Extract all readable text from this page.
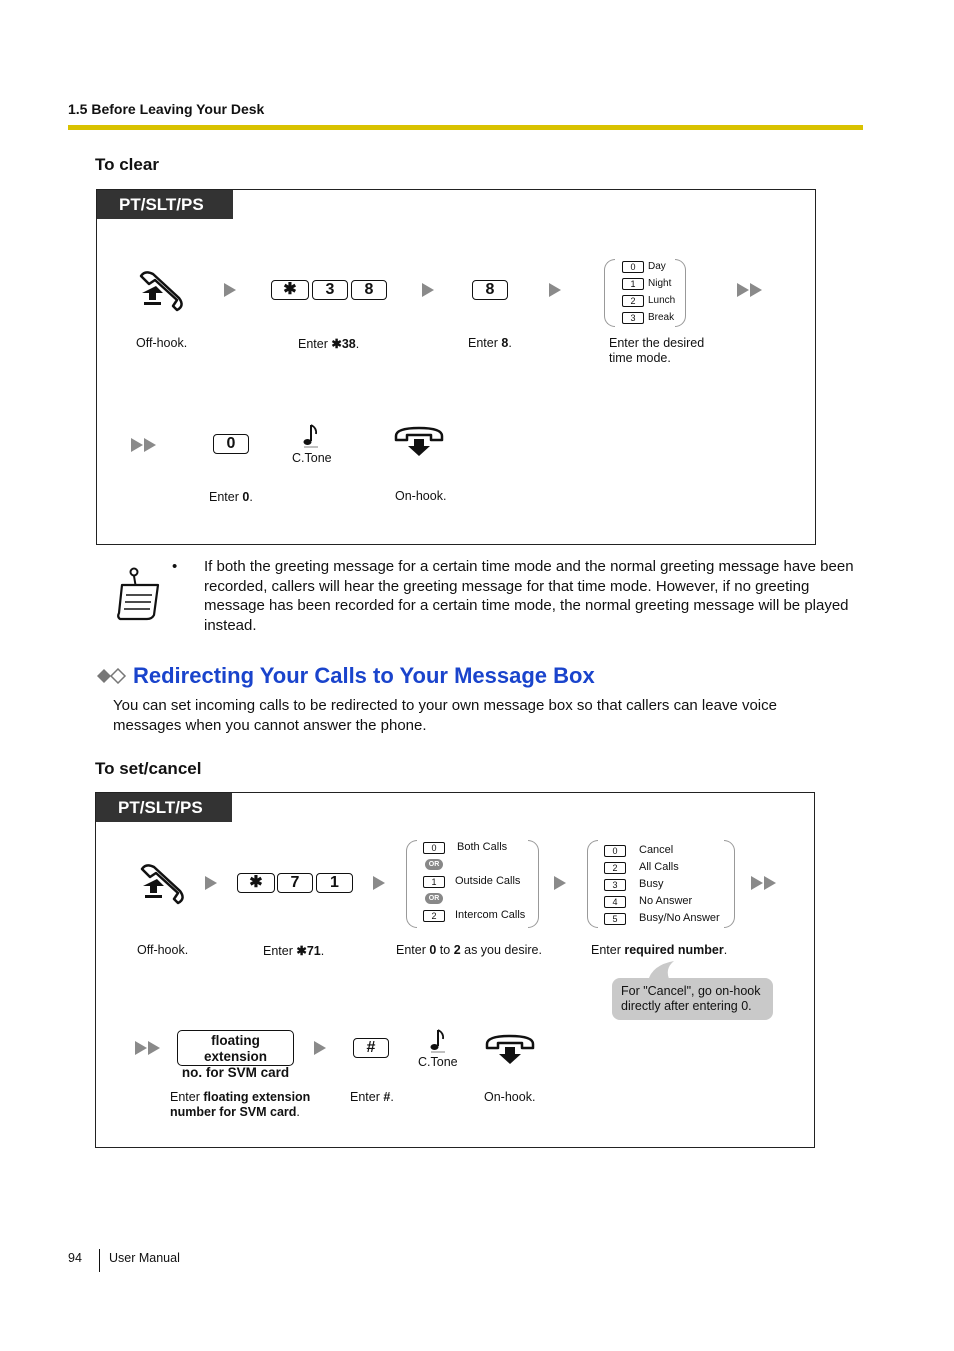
1.5 Before Leaving Your Desk
To clear
PT/SLT/PS
Off-hook.
✱	3	8
Enter ✱38.
8
Enter 8.
0	Day
1	Night
2	Lunch
3	Break
Enter the desired time mode.
0
Enter 0.
C.Tone
On-hook.
• If both the greeting message for a certain time mode and the normal greeting message have been recorded, callers will hear the greeting message for that time mode. However, if no greeting message has been recorded for a certain time mode, the normal greeting message will be played instead.
Redirecting Your Calls to Your Message Box
You can set incoming calls to be redirected to your own message box so that callers can leave voice messages when you cannot answer the phone.
To set/cancel
PT/SLT/PS
Off-hook.
✱	7	1
Enter ✱71.
0	Both Calls
OR
1	Outside Calls
OR
2	Intercom Calls
Enter 0 to 2 as you desire.
0	Cancel
2	All Calls
3	Busy
4	No Answer
5	Busy/No Answer
Enter required number.
For "Cancel", go on-hook directly after entering 0.
floating extension
no. for SVM card
Enter floating extension
number for SVM card.
#
Enter #.
C.Tone
On-hook.
94 User Manual
